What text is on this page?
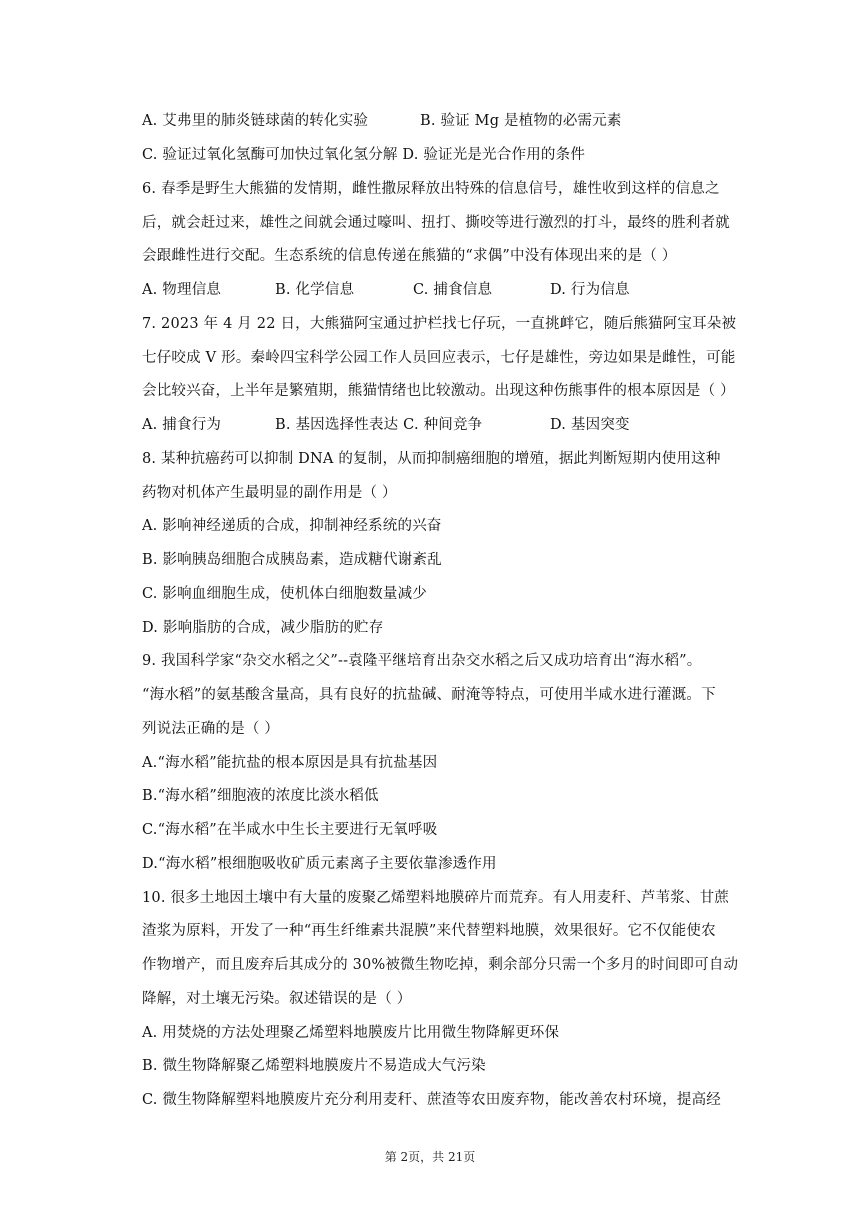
A. 艾弗里的肺炎链球菌的转化实验	B. 验证 Mg 是植物的必需元素
C. 验证过氧化氢酶可加快过氧化氢分解 D. 验证光是光合作用的条件
6. 春季是野生大熊猫的发情期，雌性撒尿释放出特殊的信息信号，雄性收到这样的信息之
后，就会赶过来，雄性之间就会通过嚎叫、扭打、撕咬等进行激烈的打斗，最终的胜利者就
会跟雌性进行交配。生态系统的信息传递在熊猫的“求偶”中没有体现出来的是（ ）
A. 物理信息	B. 化学信息	C. 捕食信息	D. 行为信息
7. 2023 年 4 月 22 日，大熊猫阿宝通过护栏找七仔玩，一直挑衅它，随后熊猫阿宝耳朵被
七仔咬成 V 形。秦岭四宝科学公园工作人员回应表示，七仔是雄性，旁边如果是雌性，可能
会比较兴奋，上半年是繁殖期，熊猫情绪也比较激动。出现这种伤熊事件的根本原因是（ ）
A. 捕食行为	B. 基因选择性表达 C. 种间竞争	D. 基因突变
8. 某种抗癌药可以抑制 DNA 的复制，从而抑制癌细胞的增殖，据此判断短期内使用这种
药物对机体产生最明显的副作用是（ ）
A. 影响神经递质的合成，抑制神经系统的兴奋
B. 影响胰岛细胞合成胰岛素，造成糖代谢紊乱
C. 影响血细胞生成，使机体白细胞数量减少
D. 影响脂肪的合成，减少脂肪的贮存
9. 我国科学家“杂交水稻之父”--袁隆平继培育出杂交水稻之后又成功培育出“海水稻”。
“海水稻”的氨基酸含量高，具有良好的抗盐碱、耐淹等特点，可使用半咸水进行灌溉。下
列说法正确的是（ ）
A.“海水稻”能抗盐的根本原因是具有抗盐基因
B.“海水稻”细胞液的浓度比淡水稻低
C.“海水稻”在半咸水中生长主要进行无氧呼吸
D.“海水稻”根细胞吸收矿质元素离子主要依靠渗透作用
10. 很多土地因土壤中有大量的废聚乙烯塑料地膜碎片而荒弃。有人用麦秆、芦苇浆、甘蔗
渣浆为原料，开发了一种“再生纤维素共混膜”来代替塑料地膜，效果很好。它不仅能使农
作物增产，而且废弃后其成分的 30%被微生物吃掉，剩余部分只需一个多月的时间即可自动
降解，对土壤无污染。叙述错误的是（ ）
A. 用焚烧的方法处理聚乙烯塑料地膜废片比用微生物降解更环保
B. 微生物降解聚乙烯塑料地膜废片不易造成大气污染
C. 微生物降解塑料地膜废片充分利用麦秆、蔗渣等农田废弃物，能改善农村环境，提高经
第 2页，共 21页
